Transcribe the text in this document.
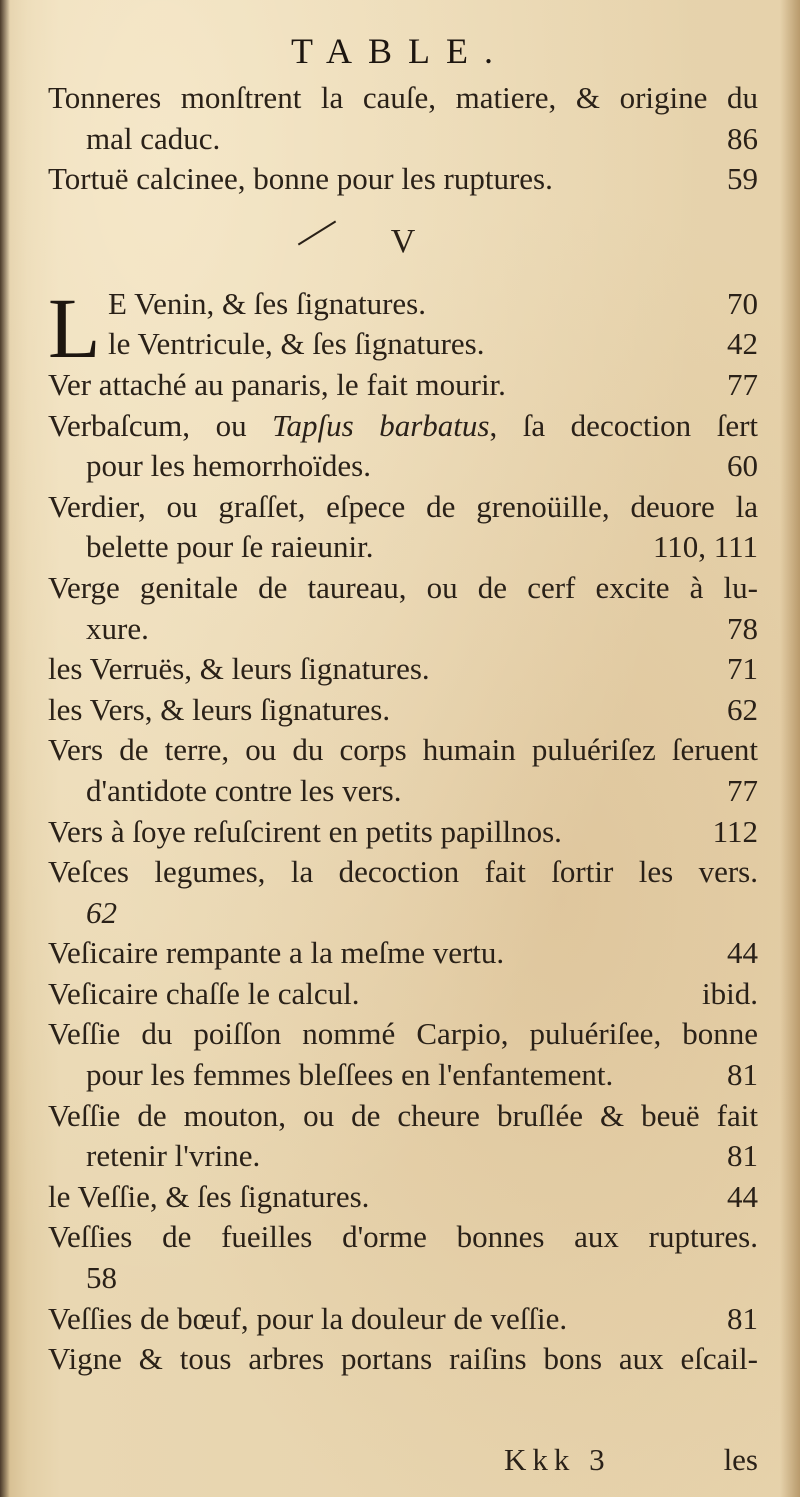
TABLE.
Tonneres monſtrent la cauſe, matiere, & origine du
mal caduc.	86
Tortuë calcinee, bonne pour les ruptures.	59
V
L E Venin, & ſes ſignatures.	70
le Ventricule, & ſes ſignatures.	42
Ver attaché au panaris, le fait mourir.	77
Verbaſcum, ou Tapſus barbatus, ſa decoction ſert
pour les hemorrhoïdes.	60
Verdier, ou graſſet, eſpece de grenoüille, deuore la
belette pour ſe raieunir.	110, 111
Verge genitale de taureau, ou de cerf excite à lu-
xure.	78
les Verruës, & leurs ſignatures.	71
les Vers, & leurs ſignatures.	62
Vers de terre, ou du corps humain puluériſez ſeruent
d'antidote contre les vers.	77
Vers à ſoye reſuſcirent en petits papillnos.	112
Veſces legumes, la decoction fait ſortir les vers.
62
Veſicaire rempante a la meſme vertu.	44
Veſicaire chaſſe le calcul.	ibid.
Veſſie du poiſſon nommé Carpio, puluériſee, bonne
pour les femmes bleſſees en l'enfantement.	81
Veſſie de mouton, ou de cheure bruſlée & beuë fait
retenir l'vrine.	81
le Veſſie, & ſes ſignatures.	44
Veſſies de fueilles d'orme bonnes aux ruptures.
58
Veſſies de bœuf, pour la douleur de veſſie.	81
Vigne & tous arbres portans raiſins bons aux eſcail-
Kkk 3	les
